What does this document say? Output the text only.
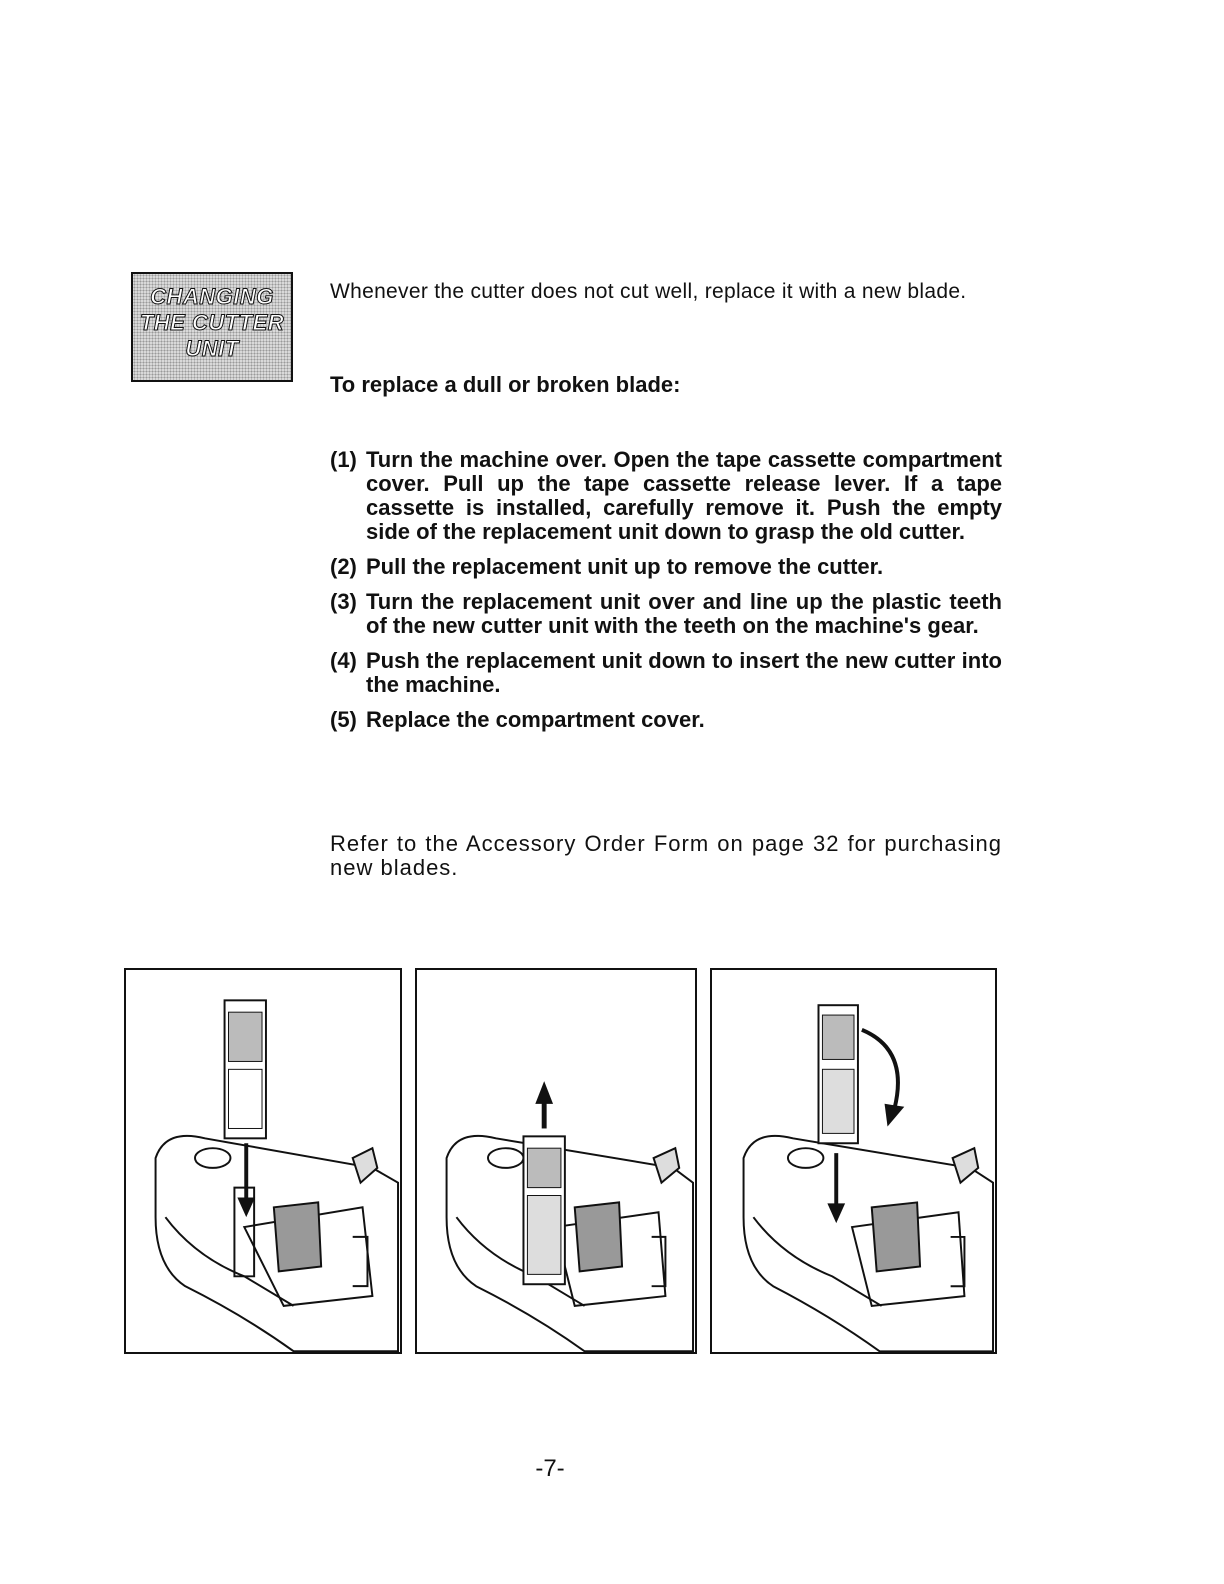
CHANGING
THE CUTTER
UNIT
Whenever the cutter does not cut well, replace it with a new blade.
To replace a dull or broken blade:
(1) Turn the machine over. Open the tape cassette compartment cover. Pull up the tape cassette release lever. If a tape cassette is installed, carefully remove it. Push the empty side of the replacement unit down to grasp the old cutter.
(2) Pull the replacement unit up to remove the cutter.
(3) Turn the replacement unit over and line up the plastic teeth of the new cutter unit with the teeth on the machine's gear.
(4) Push the replacement unit down to insert the new cutter into the machine.
(5) Replace the compartment cover.
Refer to the Accessory Order Form on page 32 for purchasing new blades.
-7-
